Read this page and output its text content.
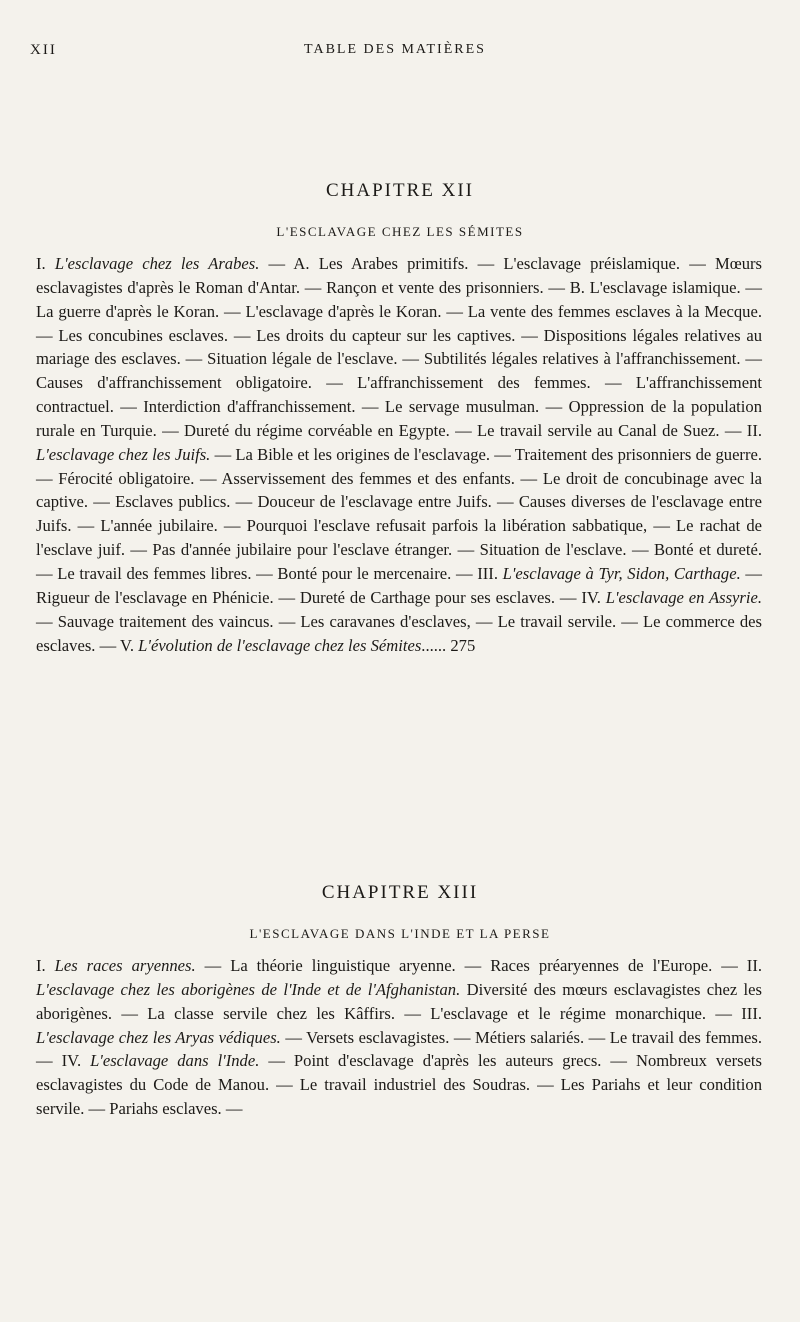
XII	TABLE DES MATIÈRES
CHAPITRE XII
L'ESCLAVAGE CHEZ LES SÉMITES

I. L'esclavage chez les Arabes. — A. Les Arabes primitifs. — L'esclavage préislamique. — Mœurs esclavagistes d'après le Roman d'Antar. — Rançon et vente des prisonniers. — B. L'esclavage islamique. — La guerre d'après le Koran. — L'esclavage d'après le Koran. — La vente des femmes esclaves à la Mecque. — Les concubines esclaves. — Les droits du capteur sur les captives. — Dispositions légales relatives au mariage des esclaves. — Situation légale de l'esclave. — Subtilités légales relatives à l'affranchissement. — Causes d'affranchissement obligatoire. — L'affranchissement des femmes. — L'affranchissement contractuel. — Interdiction d'affranchissement. — Le servage musulman. — Oppression de la population rurale en Turquie. — Dureté du régime corvéable en Egypte. — Le travail servile au Canal de Suez. — II. L'esclavage chez les Juifs. — La Bible et les origines de l'esclavage. — Traitement des prisonniers de guerre. — Férocité obligatoire. — Asservissement des femmes et des enfants. — Le droit de concubinage avec la captive. — Esclaves publics. — Douceur de l'esclavage entre Juifs. — Causes diverses de l'esclavage entre Juifs. — L'année jubilaire. — Pourquoi l'esclave refusait parfois la libération sabbatique, — Le rachat de l'esclave juif. — Pas d'année jubilaire pour l'esclave étranger. — Situation de l'esclave. — Bonté et dureté. — Le travail des femmes libres. — Bonté pour le mercenaire. — III. L'esclavage à Tyr, Sidon, Carthage. — Rigueur de l'esclavage en Phénicie. — Dureté de Carthage pour ses esclaves. — IV. L'esclavage en Assyrie. — Sauvage traitement des vaincus. — Les caravanes d'esclaves, — Le travail servile. — Le commerce des esclaves. — V. L'évolution de l'esclavage chez les Sémites...... 275

CHAPITRE XIII
L'ESCLAVAGE DANS L'INDE ET LA PERSE

I. Les races aryennes. — La théorie linguistique aryenne. — Races préaryennes de l'Europe. — II. L'esclavage chez les aborigènes de l'Inde et de l'Afghanistan. Diversité des mœurs esclavagistes chez les aborigènes. — La classe servile chez les Kâffirs. — L'esclavage et le régime monarchique. — III. L'esclavage chez les Aryas védiques. — Versets esclavagistes. — Métiers salariés. — Le travail des femmes. — IV. L'esclavage dans l'Inde. — Point d'esclavage d'après les auteurs grecs. — Nombreux versets esclavagistes du Code de Manou. — Le travail industriel des Soudras. — Les Pariahs et leur condition servile. — Pariahs esclaves. —
